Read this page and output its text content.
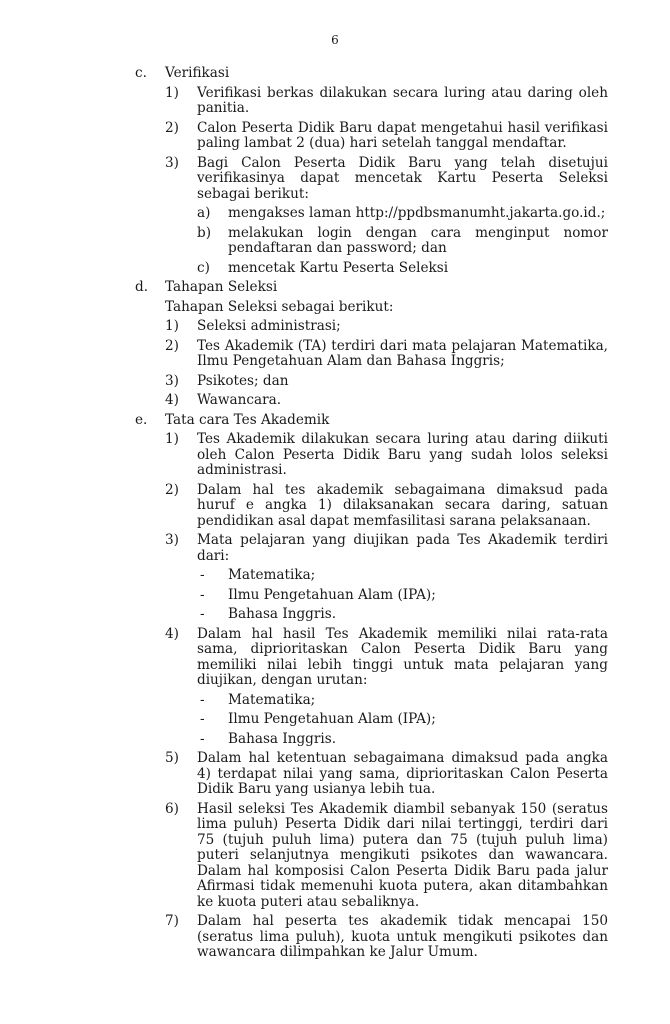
6
c. Verifikasi
1) Verifikasi berkas dilakukan secara luring atau daring oleh panitia.
2) Calon Peserta Didik Baru dapat mengetahui hasil verifikasi paling lambat 2 (dua) hari setelah tanggal mendaftar.
3) Bagi Calon Peserta Didik Baru yang telah disetujui verifikasinya dapat mencetak Kartu Peserta Seleksi sebagai berikut:
a) mengakses laman http://ppdbsmanumht.jakarta.go.id.;
b) melakukan login dengan cara menginput nomor pendaftaran dan password; dan
c) mencetak Kartu Peserta Seleksi
d. Tahapan Seleksi
Tahapan Seleksi sebagai berikut:
1) Seleksi administrasi;
2) Tes Akademik (TA) terdiri dari mata pelajaran Matematika, Ilmu Pengetahuan Alam dan Bahasa Inggris;
3) Psikotes; dan
4) Wawancara.
e. Tata cara Tes Akademik
1) Tes Akademik dilakukan secara luring atau daring diikuti oleh Calon Peserta Didik Baru yang sudah lolos seleksi administrasi.
2) Dalam hal tes akademik sebagaimana dimaksud pada huruf e angka 1) dilaksanakan secara daring, satuan pendidikan asal dapat memfasilitasi sarana pelaksanaan.
3) Mata pelajaran yang diujikan pada Tes Akademik terdiri dari:
- Matematika;
- Ilmu Pengetahuan Alam (IPA);
- Bahasa Inggris.
4) Dalam hal hasil Tes Akademik memiliki nilai rata-rata sama, diprioritaskan Calon Peserta Didik Baru yang memiliki nilai lebih tinggi untuk mata pelajaran yang diujikan, dengan urutan:
- Matematika;
- Ilmu Pengetahuan Alam (IPA);
- Bahasa Inggris.
5) Dalam hal ketentuan sebagaimana dimaksud pada angka 4) terdapat nilai yang sama, diprioritaskan Calon Peserta Didik Baru yang usianya lebih tua.
6) Hasil seleksi Tes Akademik diambil sebanyak 150 (seratus lima puluh) Peserta Didik dari nilai tertinggi, terdiri dari 75 (tujuh puluh lima) putera dan 75 (tujuh puluh lima) puteri selanjutnya mengikuti psikotes dan wawancara. Dalam hal komposisi Calon Peserta Didik Baru pada jalur Afirmasi tidak memenuhi kuota putera, akan ditambahkan ke kuota puteri atau sebaliknya.
7) Dalam hal peserta tes akademik tidak mencapai 150 (seratus lima puluh), kuota untuk mengikuti psikotes dan wawancara dilimpahkan ke Jalur Umum.
